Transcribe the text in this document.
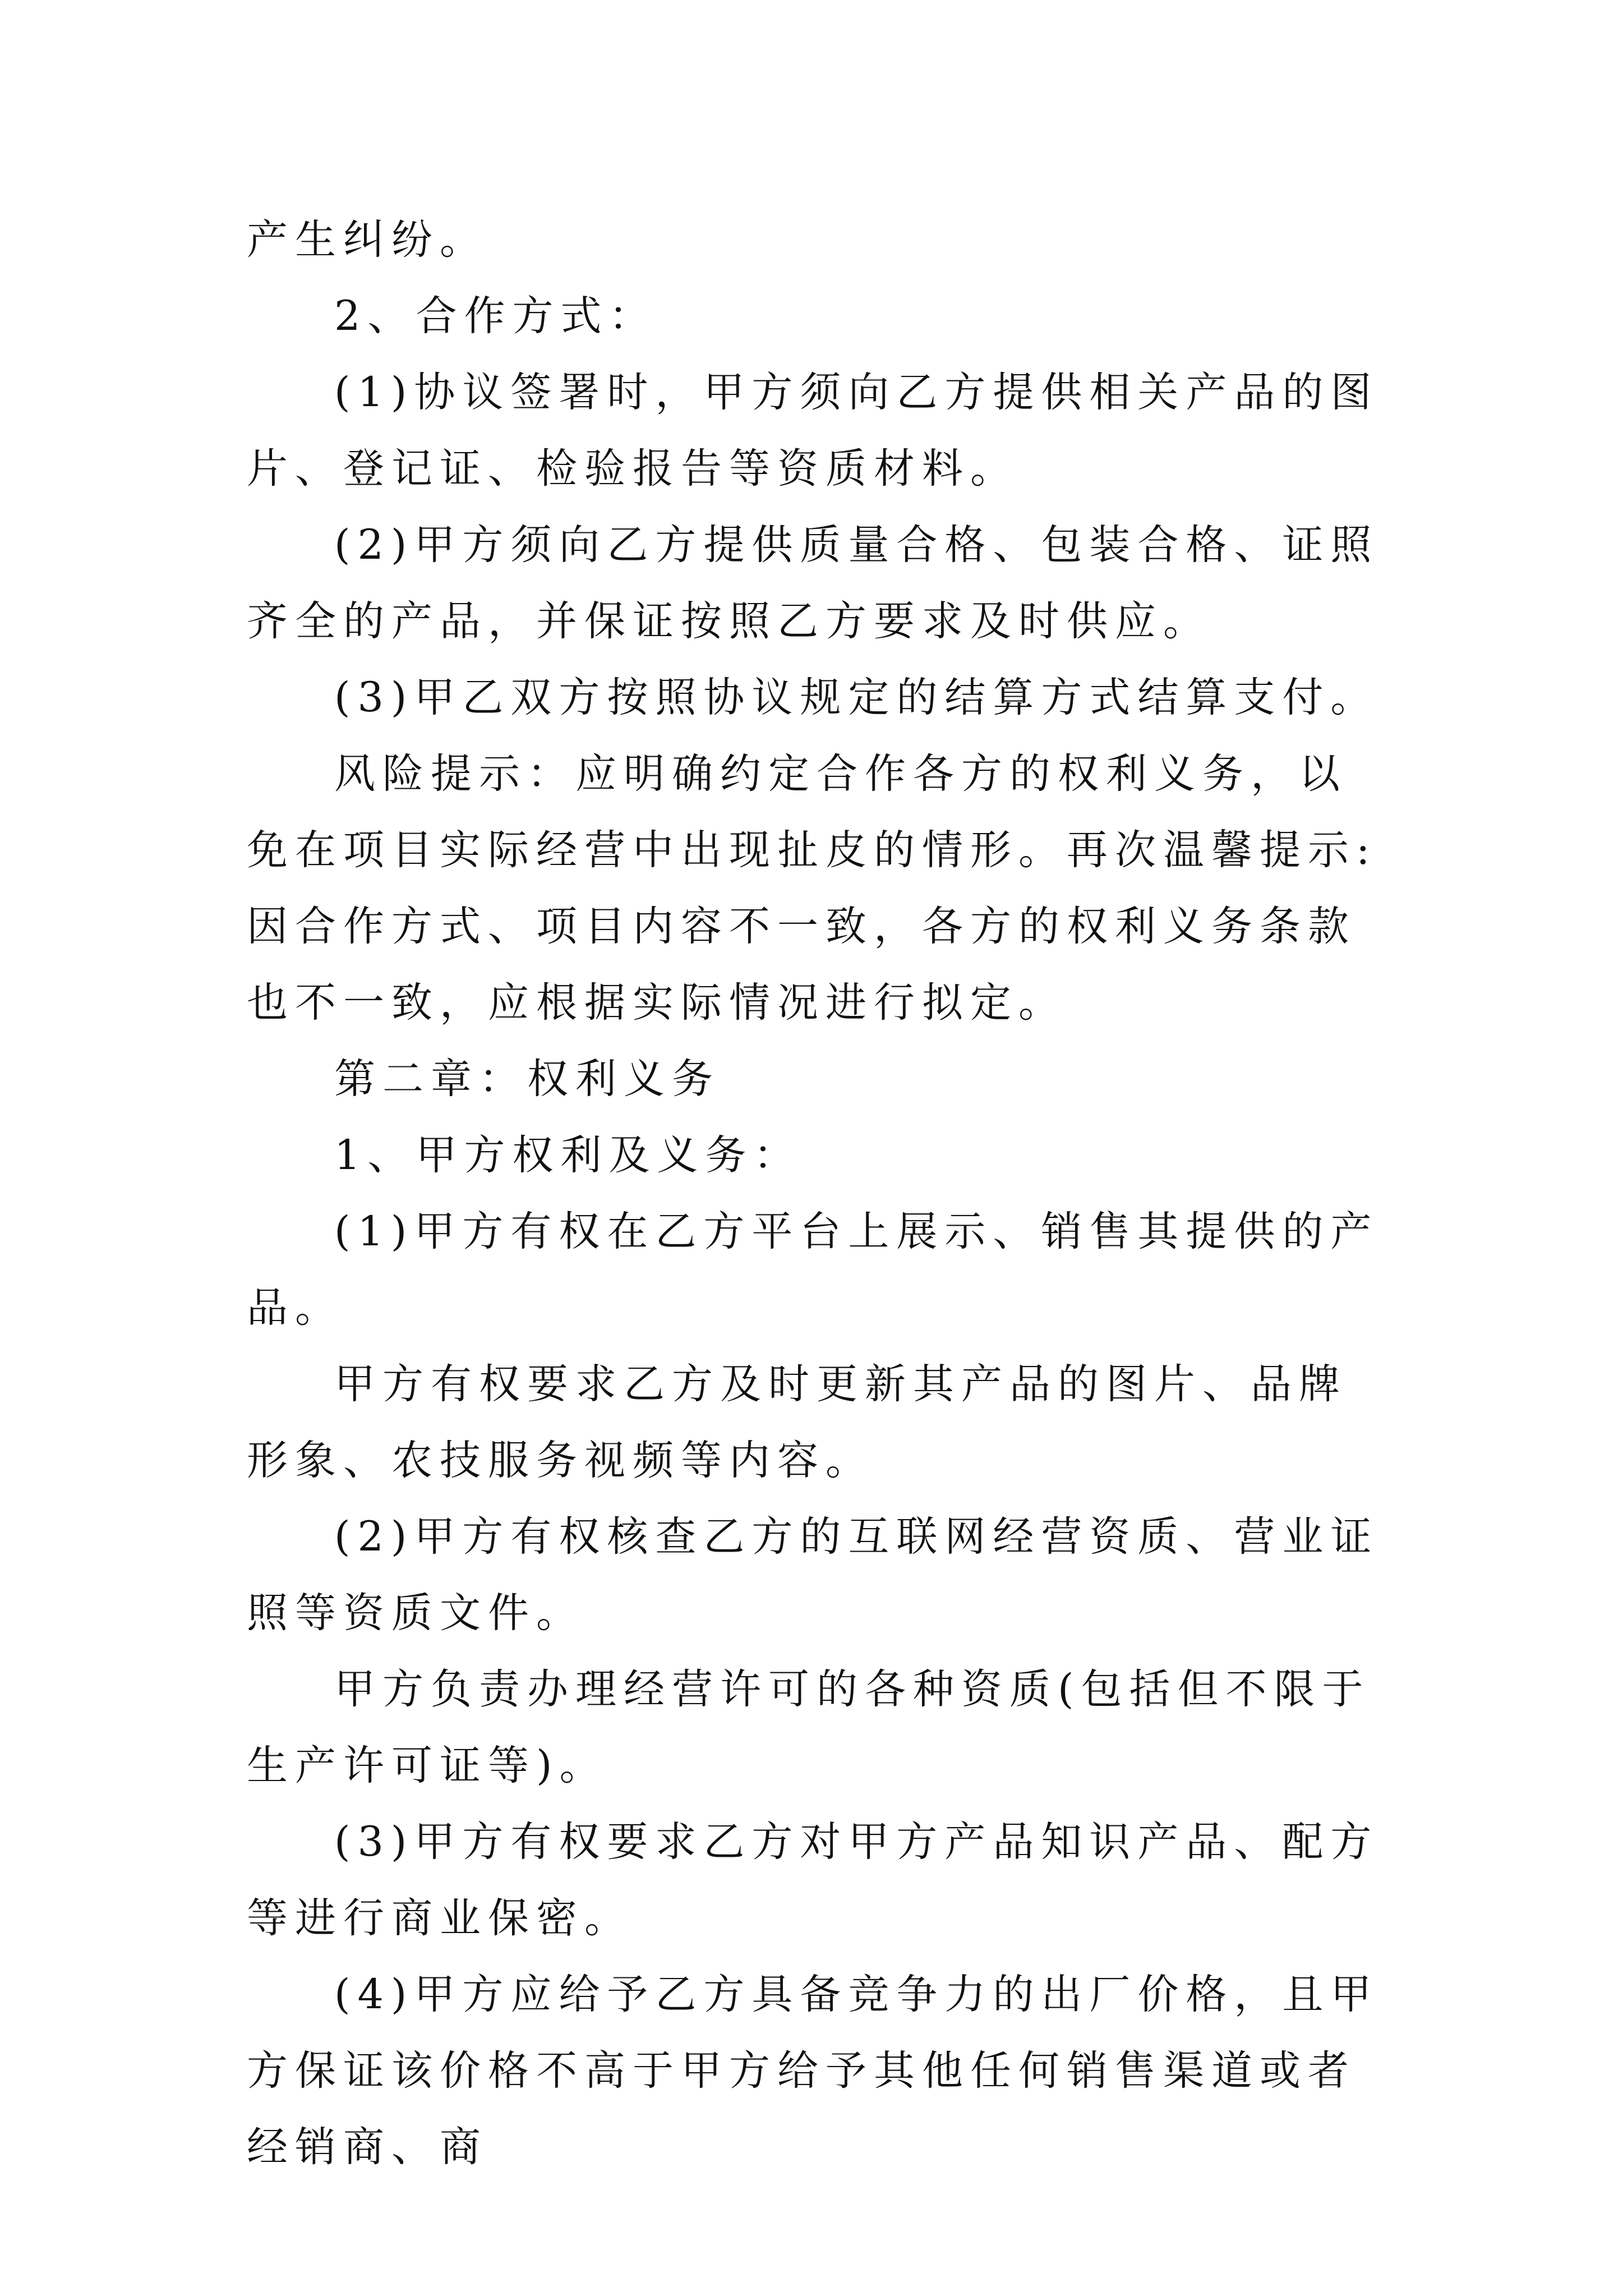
产生纠纷。

2、合作方式：

(1)协议签署时，甲方须向乙方提供相关产品的图片、登记证、检验报告等资质材料。

(2)甲方须向乙方提供质量合格、包装合格、证照齐全的产品，并保证按照乙方要求及时供应。

(3)甲乙双方按照协议规定的结算方式结算支付。

风险提示：应明确约定合作各方的权利义务，以免在项目实际经营中出现扯皮的情形。再次温馨提示:因合作方式、项目内容不一致，各方的权利义务条款也不一致，应根据实际情况进行拟定。

第二章：权利义务

1、甲方权利及义务：

(1)甲方有权在乙方平台上展示、销售其提供的产品。

甲方有权要求乙方及时更新其产品的图片、品牌形象、农技服务视频等内容。

(2)甲方有权核查乙方的互联网经营资质、营业证照等资质文件。

甲方负责办理经营许可的各种资质(包括但不限于生产许可证等)。

(3)甲方有权要求乙方对甲方产品知识产品、配方等进行商业保密。

(4)甲方应给予乙方具备竞争力的出厂价格，且甲方保证该价格不高于甲方给予其他任何销售渠道或者经销商、商
